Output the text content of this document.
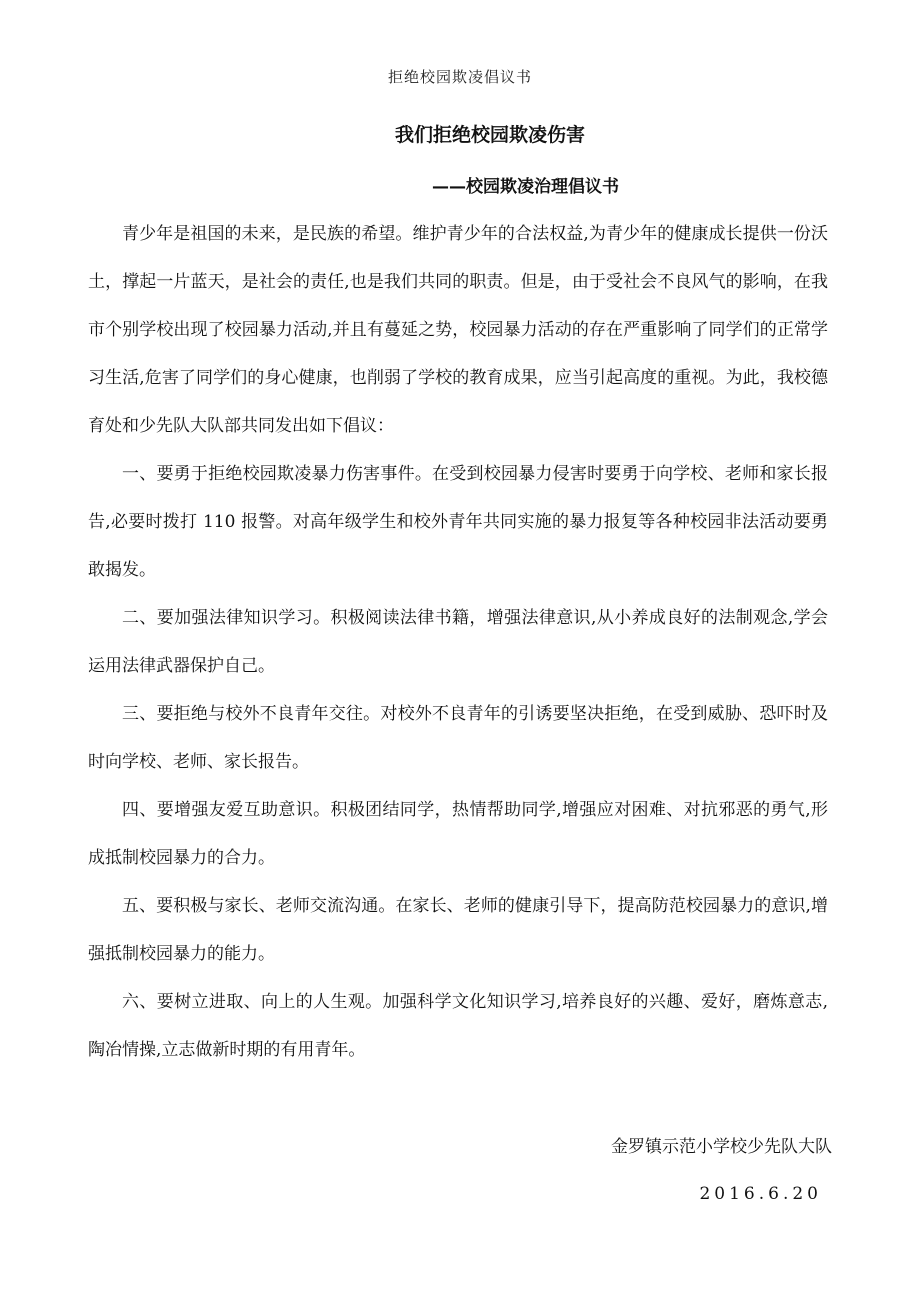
拒绝校园欺凌倡议书
我们拒绝校园欺凌伤害
——校园欺凌治理倡议书

青少年是祖国的未来，是民族的希望。维护青少年的合法权益,为青少年的健康成长提供一份沃土，撑起一片蓝天，是社会的责任,也是我们共同的职责。但是，由于受社会不良风气的影响，在我市个别学校出现了校园暴力活动,并且有蔓延之势，校园暴力活动的存在严重影响了同学们的正常学习生活,危害了同学们的身心健康，也削弱了学校的教育成果，应当引起高度的重视。为此，我校德育处和少先队大队部共同发出如下倡议：

一、要勇于拒绝校园欺凌暴力伤害事件。在受到校园暴力侵害时要勇于向学校、老师和家长报告,必要时拨打 110 报警。对高年级学生和校外青年共同实施的暴力报复等各种校园非法活动要勇敢揭发。

二、要加强法律知识学习。积极阅读法律书籍，增强法律意识,从小养成良好的法制观念,学会运用法律武器保护自己。

三、要拒绝与校外不良青年交往。对校外不良青年的引诱要坚决拒绝，在受到威胁、恐吓时及时向学校、老师、家长报告。

四、要增强友爱互助意识。积极团结同学，热情帮助同学,增强应对困难、对抗邪恶的勇气,形成抵制校园暴力的合力。

五、要积极与家长、老师交流沟通。在家长、老师的健康引导下，提高防范校园暴力的意识,增强抵制校园暴力的能力。

六、要树立进取、向上的人生观。加强科学文化知识学习,培养良好的兴趣、爱好，磨炼意志,陶冶情操,立志做新时期的有用青年。

金罗镇示范小学校少先队大队
2016.6.20
